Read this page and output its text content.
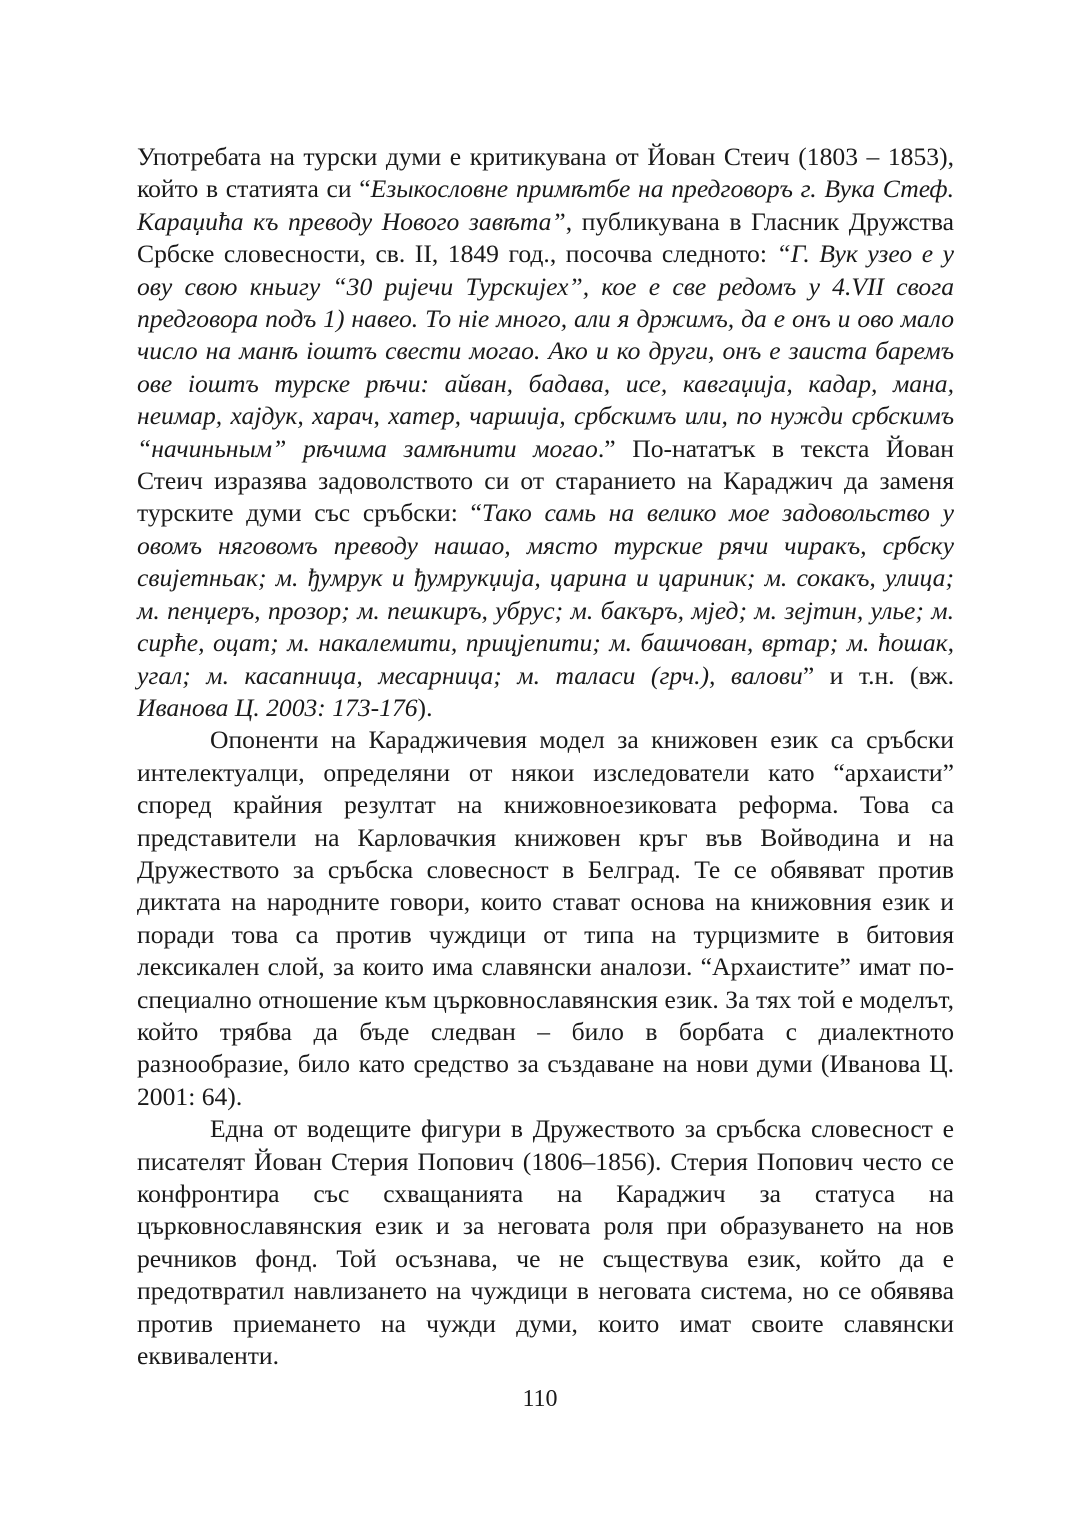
Употребата на турски думи е критикувана от Йован Стеич (1803 – 1853), който в статията си “Езыкословне примѣтбе на предговоръ г. Вука Стеф. Караџића къ преводу Нового завѣта”, публикувана в Гласник Дружства Србске словесности, св. II, 1849 год., посочва следното: “Г. Вук узео е у ову свою кньигу “30 риjечи Турскиjех”, кое е све редомъ у 4.VII свога предговора подъ 1) навео. То нiе много, али я држимъ, да е онъ и ово мало число на манѣ iоштъ свести могао. Ако и ко други, онъ е заиста баремъ ове iоштъ турске рѣчи: айван, бадава, исе, кавгаџиjа, кадар, мана, неимар, хаjдук, харач, хатер, чаршиjа, србскимъ или, по нужди србскимъ “начиньным” рѣчима замѣнити могао.” По-нататък в текста Йован Стеич изразява задоволството си от старанието на Караджич да заменя турските думи със сръбски: “Тако самь на велико мое задовольство у овомъ няговомъ преводу нашао, място турские рячи чиракъ, србску свиjетньак; м. ђумрук и ђумрукџиjа, царина и цариник; м. сокакъ, улица; м. пенџеръ, прозор; м. пешкиръ, убрус; м. бакъръ, мjед; м. зеjтин, улье; м. сирће, оцат; м. накалемити, прицjепити; м. башчован, вртар; м. ћошак, угал; м. касапница, месарница; м. таласи (грч.), валови” и т.н. (вж. Иванова Ц. 2003: 173-176).

Опоненти на Караджичевия модел за книжовен език са сръбски интелектуалци, определяни от някои изследователи като “архаисти” според крайния резултат на книжовноезиковата реформа. Това са представители на Карловачкия книжовен кръг във Войводина и на Дружеството за сръбска словесност в Белград. Те се обявяват против диктата на народните говори, които стават основа на книжовния език и поради това са против чуждици от типа на турцизмите в битовия лексикален слой, за които има славянски аналози. “Архаистите” имат по-специално отношение към църковнославянския език. За тях той е моделът, който трябва да бъде следван – било в борбата с диалектното разнообразие, било като средство за създаване на нови думи (Иванова Ц. 2001: 64).

Една от водещите фигури в Дружеството за сръбска словесност е писателят Йован Стерия Попович (1806–1856). Стерия Попович често се конфронтира със схващанията на Караджич за статуса на църковнославянския език и за неговата роля при образуването на нов речников фонд. Той осъзнава, че не съществува език, който да е предотвратил навлизането на чуждици в неговата система, но се обявява против приемането на чужди думи, които имат своите славянски еквиваленти.

110
